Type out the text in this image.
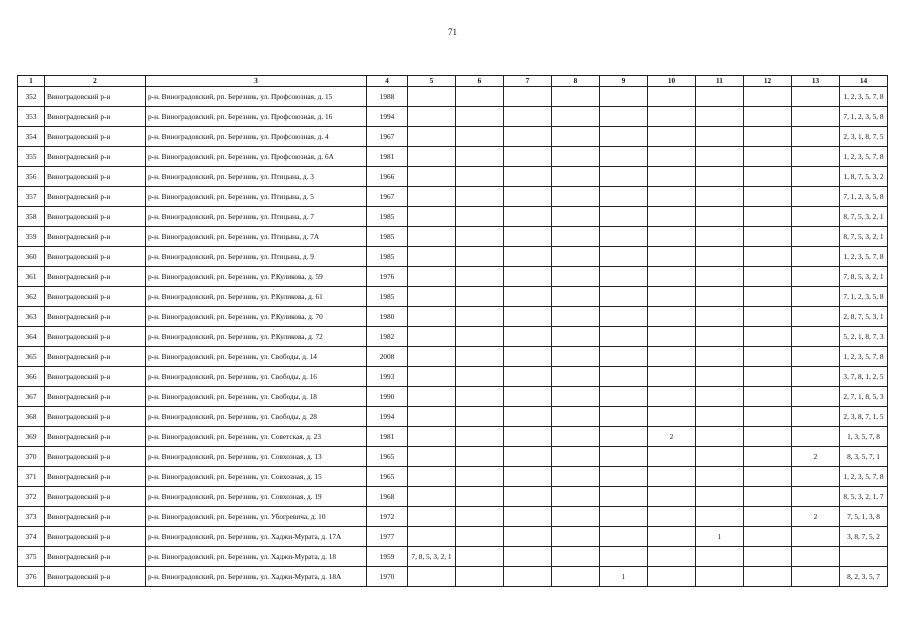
71
1	2	3	4	5	6	7	8	9	10	11	12	13	14
352	Виноградовский р-н	р-н. Виноградовский, рп. Березник, ул. Профсоюзная, д. 15	1988										1, 2, 3, 5, 7, 8
353	Виноградовский р-н	р-н. Виноградовский, рп. Березник, ул. Профсоюзная, д. 16	1994										7, 1, 2, 3, 5, 8
354	Виноградовский р-н	р-н. Виноградовский, рп. Березник, ул. Профсоюзная, д. 4	1967										2, 3, 1, 8, 7, 5
355	Виноградовский р-н	р-н. Виноградовский, рп. Березник, ул. Профсоюзная, д. 6А	1981										1, 2, 3, 5, 7, 8
356	Виноградовский р-н	р-н. Виноградовский, рп. Березник, ул. Птицына, д. 3	1966										1, 8, 7, 5, 3, 2
357	Виноградовский р-н	р-н. Виноградовский, рп. Березник, ул. Птицына, д. 5	1967										7, 1, 2, 3, 5, 8
358	Виноградовский р-н	р-н. Виноградовский, рп. Березник, ул. Птицына, д. 7	1985										8, 7, 5, 3, 2, 1
359	Виноградовский р-н	р-н. Виноградовский, рп. Березник, ул. Птицына, д. 7А	1985										8, 7, 5, 3, 2, 1
360	Виноградовский р-н	р-н. Виноградовский, рп. Березник, ул. Птицына, д. 9	1985										1, 2, 3, 5, 7, 8
361	Виноградовский р-н	р-н. Виноградовский, рп. Березник, ул. Р.Куликова, д. 59	1976										7, 8, 5, 3, 2, 1
362	Виноградовский р-н	р-н. Виноградовский, рп. Березник, ул. Р.Куликова, д. 61	1985										7, 1, 2, 3, 5, 8
363	Виноградовский р-н	р-н. Виноградовский, рп. Березник, ул. Р.Куликова, д. 70	1980										2, 8, 7, 5, 3, 1
364	Виноградовский р-н	р-н. Виноградовский, рп. Березник, ул. Р.Куликова, д. 72	1982										5, 2, 1, 8, 7, 3
365	Виноградовский р-н	р-н. Виноградовский, рп. Березник, ул. Свободы, д. 14	2008										1, 2, 3, 5, 7, 8
366	Виноградовский р-н	р-н. Виноградовский, рп. Березник, ул. Свободы, д. 16	1993										3, 7, 8, 1, 2, 5
367	Виноградовский р-н	р-н. Виноградовский, рп. Березник, ул. Свободы, д. 18	1990										2, 7, 1, 8, 5, 3
368	Виноградовский р-н	р-н. Виноградовский, рп. Березник, ул. Свободы, д. 28	1994										2, 3, 8, 7, 1, 5
369	Виноградовский р-н	р-н. Виноградовский, рп. Березник, ул. Советская, д. 23	1981						2				1, 3, 5, 7, 8
370	Виноградовский р-н	р-н. Виноградовский, рп. Березник, ул. Совхозная, д. 13	1965									2	8, 3, 5, 7, 1
371	Виноградовский р-н	р-н. Виноградовский, рп. Березник, ул. Совхозная, д. 15	1965										1, 2, 3, 5, 7, 8
372	Виноградовский р-н	р-н. Виноградовский, рп. Березник, ул. Совхозная, д. 19	1968										8, 5, 3, 2, 1, 7
373	Виноградовский р-н	р-н. Виноградовский, рп. Березник, ул. Убогревича, д. 10	1972									2	7, 5, 1, 3, 8
374	Виноградовский р-н	р-н. Виноградовский, рп. Березник, ул. Хаджи-Мурата, д. 17А	1977							1			3, 8, 7, 5, 2
375	Виноградовский р-н	р-н. Виноградовский, рп. Березник, ул. Хаджи-Мурата, д. 18	1959	7, 8, 5, 3, 2, 1									
376	Виноградовский р-н	р-н. Виноградовский, рп. Березник, ул. Хаджи-Мурата, д. 18А	1970					1					8, 2, 3, 5, 7
